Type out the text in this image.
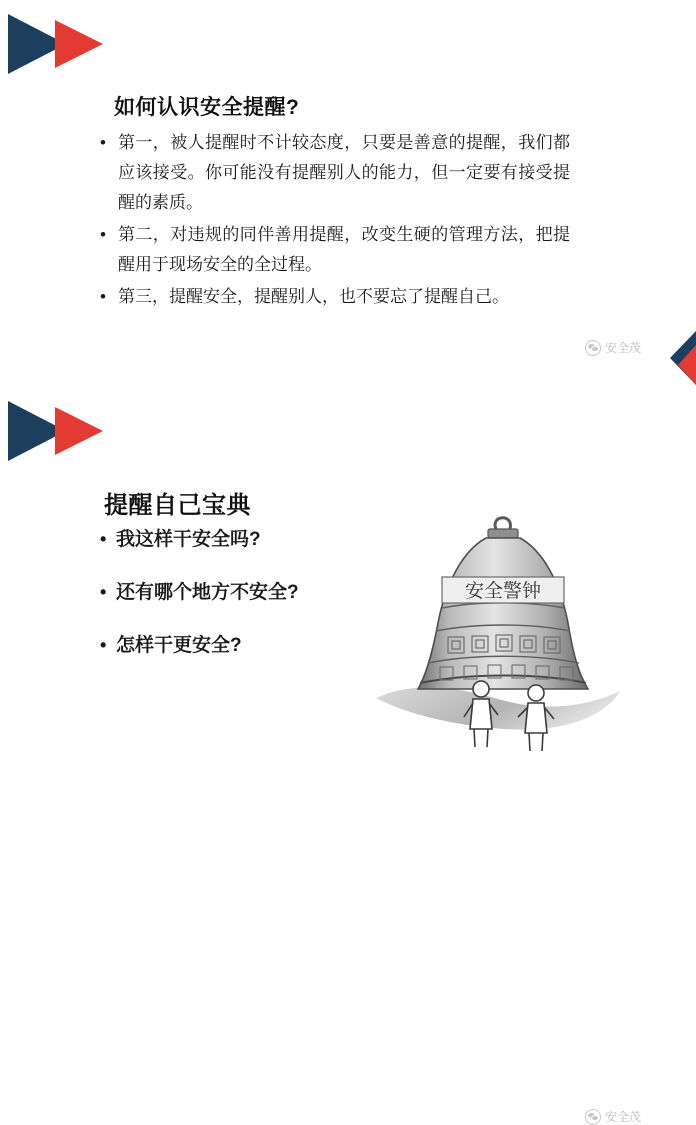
如何认识安全提醒?
• 第一，被人提醒时不计较态度，只要是善意的提醒，我们都应该接受。你可能没有提醒别人的能力，但一定要有接受提醒的素质。
• 第二，对违规的同伴善用提醒，改变生硬的管理方法，把提醒用于现场安全的全过程。
• 第三，提醒安全，提醒别人，也不要忘了提醒自己。
安全茂
提醒自己宝典
• 我这样干安全吗?
• 还有哪个地方不安全?
• 怎样干更安全?
安全警钟
安全茂
